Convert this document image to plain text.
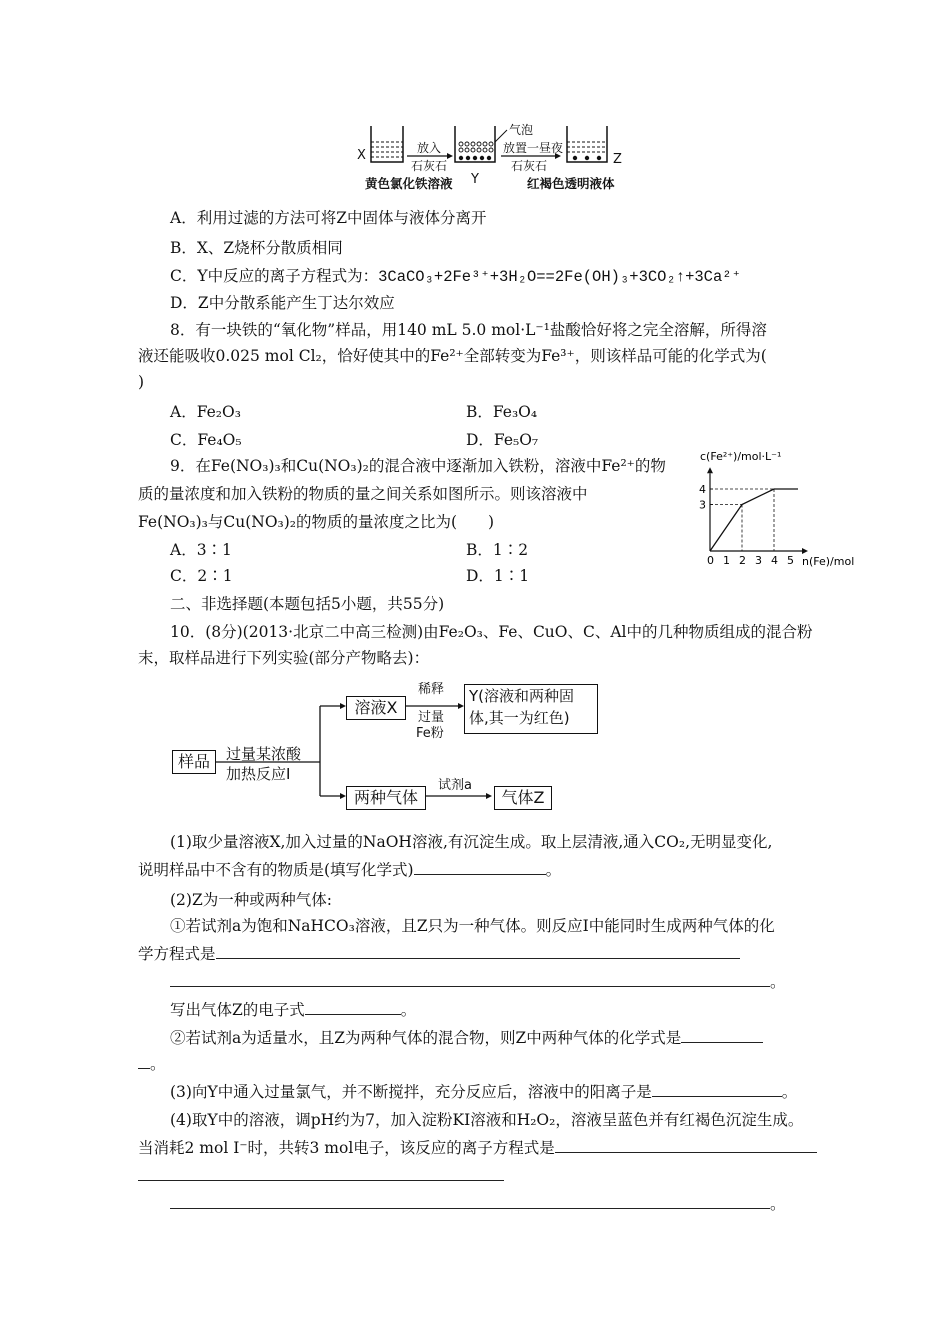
X
Y
Z
放入
石灰石
气泡
放置一昼夜
石灰石
黄色氯化铁溶液	红褐色透明液体
A．利用过滤的方法可将Z中固体与液体分离开
B．X、Z烧杯分散质相同
C．Y中反应的离子方程式为：3CaCO₃+2Fe³⁺+3H₂O==2Fe(OH)₃+3CO₂↑+3Ca²⁺
D．Z中分散系能产生丁达尔效应
8．有一块铁的“氧化物”样品，用140 mL 5.0 mol·L⁻¹盐酸恰好将之完全溶解，所得溶
液还能吸收0.025 mol Cl₂，恰好使其中的Fe²⁺全部转变为Fe³⁺，则该样品可能的化学式为(
)
A．Fe₂O₃	B．Fe₃O₄
C．Fe₄O₅	D．Fe₅O₇
9．在Fe(NO₃)₃和Cu(NO₃)₂的混合液中逐渐加入铁粉，溶液中Fe²⁺的物
质的量浓度和加入铁粉的物质的量之间关系如图所示。则该溶液中
Fe(NO₃)₃与Cu(NO₃)₂的物质的量浓度之比为(　　)
A．3∶1	B．1∶2
C．2∶1	D．1∶1
c(Fe²⁺)/mol·L⁻¹
n(Fe)/mol
0 1 2 3 4 5
3
4
二、非选择题(本题包括5小题，共55分)
10．(8分)(2013·北京二中高三检测)由Fe₂O₃、Fe、CuO、C、Al中的几种物质组成的混合粉
末，取样品进行下列实验(部分产物略去)：
样品	过量某浓酸
加热反应Ⅰ
溶液X
稀释
过量
Fe粉
Y(溶液和两种固
体,其一为红色)
两种气体
试剂a
气体Z
(1)取少量溶液X,加入过量的NaOH溶液,有沉淀生成。取上层清液,通入CO₂,无明显变化,
说明样品中不含有的物质是(填写化学式)	。
(2)Z为一种或两种气体:
①若试剂a为饱和NaHCO₃溶液，且Z只为一种气体。则反应Ⅰ中能同时生成两种气体的化
学方程式是
。
写出气体Z的电子式	。
②若试剂a为适量水，且Z为两种气体的混合物，则Z中两种气体的化学式是
。
(3)向Y中通入过量氯气，并不断搅拌，充分反应后，溶液中的阳离子是	。
(4)取Y中的溶液，调pH约为7，加入淀粉KI溶液和H₂O₂，溶液呈蓝色并有红褐色沉淀生成。
当消耗2 mol I⁻时，共转3 mol电子，该反应的离子方程式是
。
